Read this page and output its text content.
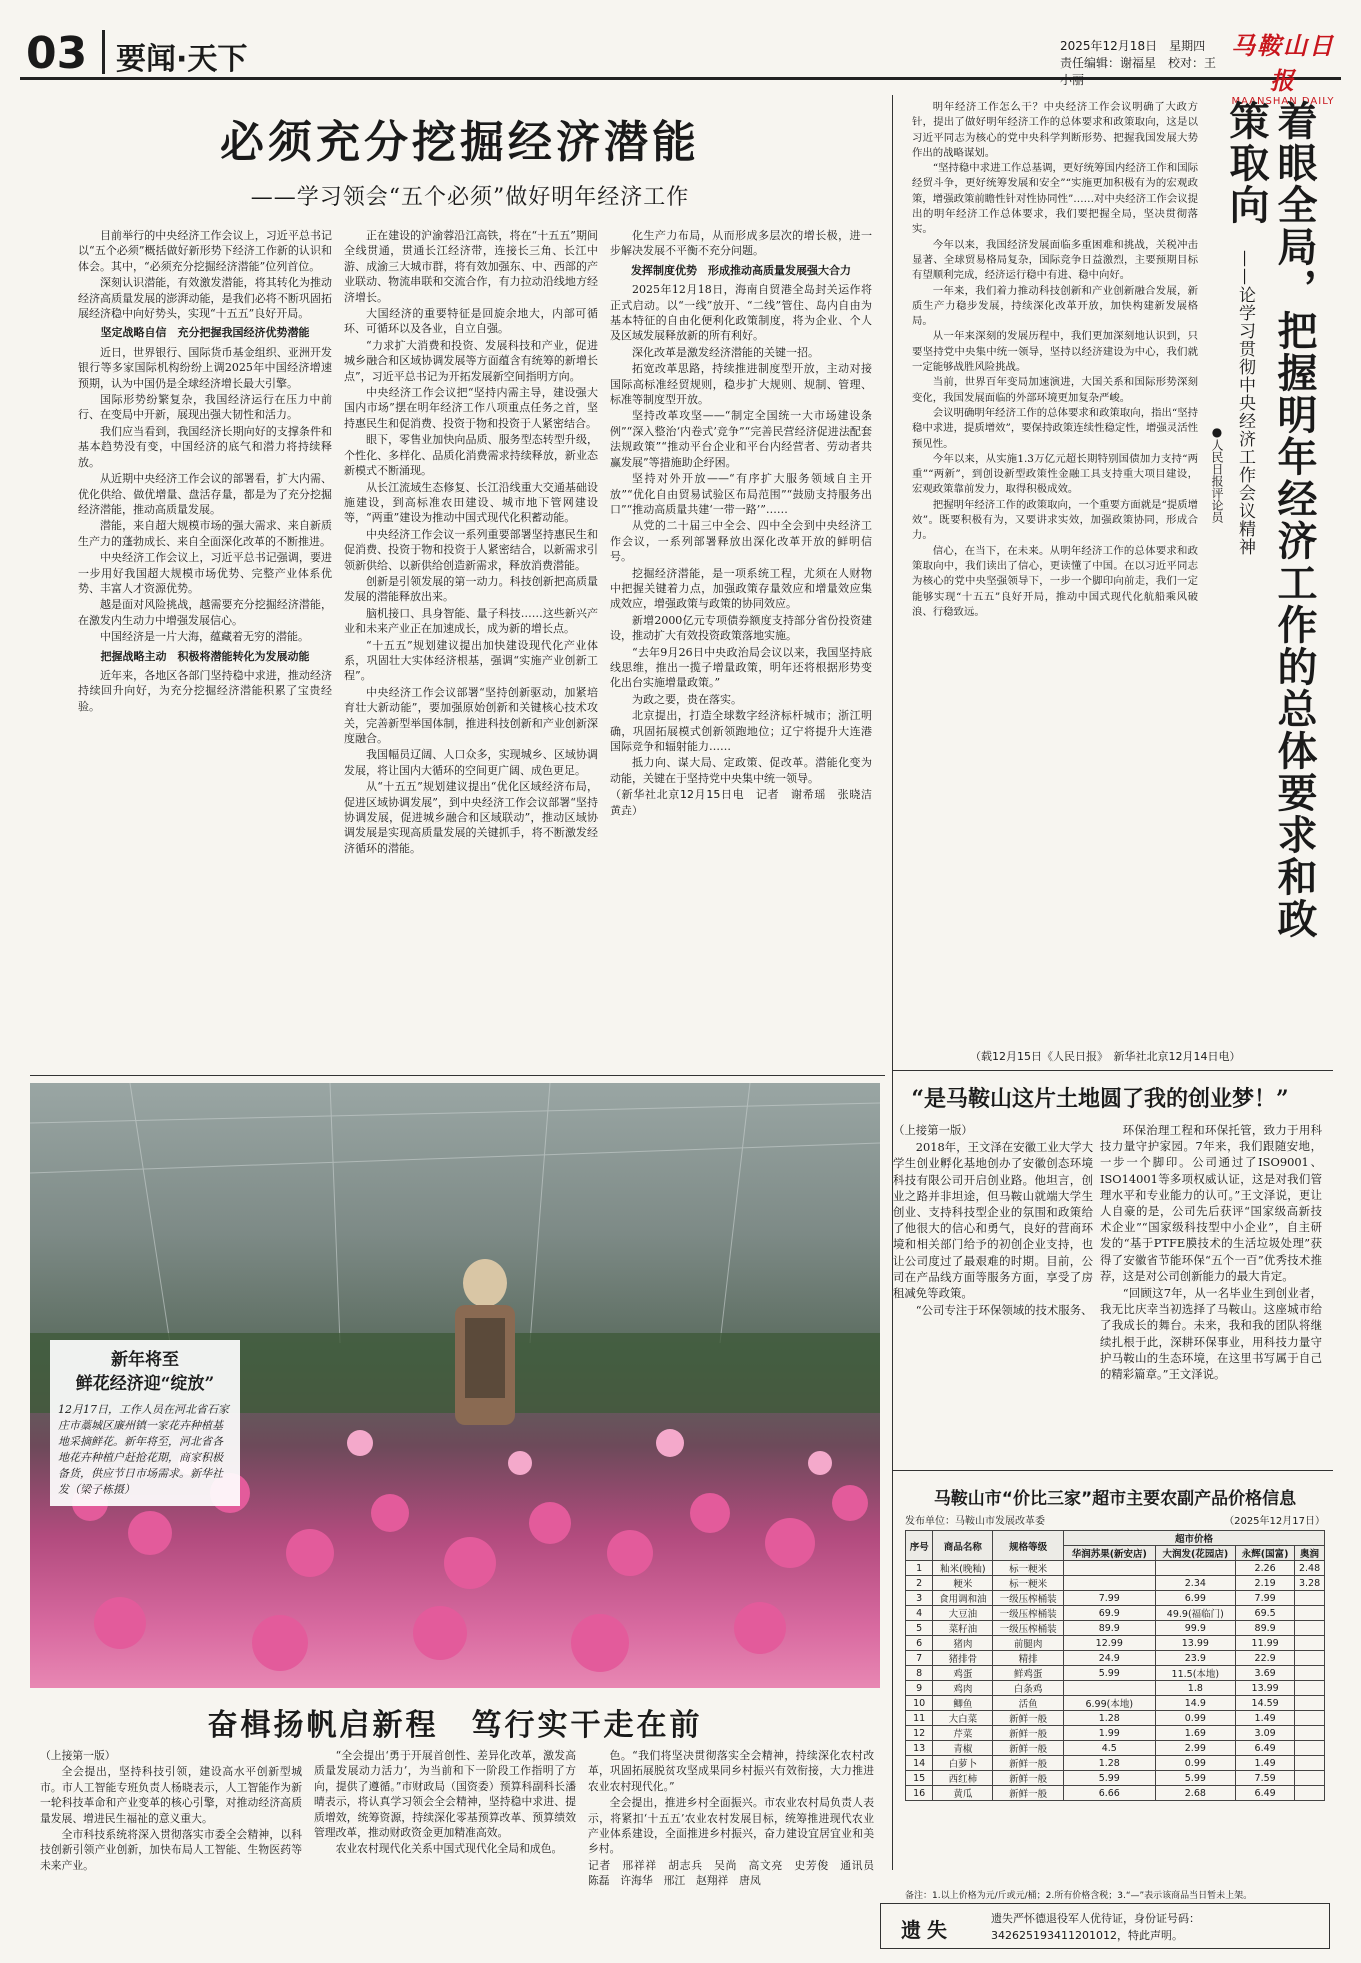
03 要闻·天下	2025年12月18日　星期四
责任编辑：谢福星　校对：王小丽
马鞍山日报
MAANSHAN DAILY
必须充分挖掘经济潜能
——学习领会“五个必须”做好明年经济工作

目前举行的中央经济工作会议上，习近平总书记以“五个必须”概括做好新形势下经济工作新的认识和体会。其中，“必须充分挖掘经济潜能”位列首位。

深刻认识潜能，有效激发潜能，将其转化为推动经济高质量发展的澎湃动能，是我们必将不断巩固拓展经济稳中向好势头，实现“十五五”良好开局。

坚定战略自信　充分把握我国经济优势潜能

近日，世界银行、国际货币基金组织、亚洲开发银行等多家国际机构纷纷上调2025年中国经济增速预期，认为中国仍是全球经济增长最大引擎。

国际形势纷繁复杂，我国经济运行在压力中前行、在变局中开新，展现出强大韧性和活力。

我们应当看到，我国经济长期向好的支撑条件和基本趋势没有变，中国经济的底气和潜力将持续释放。

从近期中央经济工作会议的部署看，扩大内需、优化供给、做优增量、盘活存量，都是为了充分挖掘经济潜能，推动高质量发展。

潜能，来自超大规模市场的强大需求、来自新质生产力的蓬勃成长、来自全面深化改革的不断推进。

中央经济工作会议上，习近平总书记强调，要进一步用好我国超大规模市场优势、完整产业体系优势、丰富人才资源优势。

越是面对风险挑战，越需要充分挖掘经济潜能，在激发内生动力中增强发展信心。

中国经济是一片大海，蕴藏着无穷的潜能。

把握战略主动　积极将潜能转化为发展动能

近年来，各地区各部门坚持稳中求进，推动经济持续回升向好，为充分挖掘经济潜能积累了宝贵经验。

正在建设的沪渝蓉沿江高铁，将在“十五五”期间全线贯通，贯通长江经济带，连接长三角、长江中游、成渝三大城市群，将有效加强东、中、西部的产业联动、物流串联和交流合作，有力拉动沿线地方经济增长。

大国经济的重要特征是回旋余地大，内部可循环、可循环以及各业，自立自强。

“力求扩大消费和投资、发展科技和产业，促进城乡融合和区域协调发展等方面蕴含有统筹的新增长点”，习近平总书记为开拓发展新空间指明方向。

中央经济工作会议把“坚持内需主导，建设强大国内市场”摆在明年经济工作八项重点任务之首，坚持惠民生和促消费、投资于物和投资于人紧密结合。

眼下，零售业加快向品质、服务型态转型升级，个性化、多样化、品质化消费需求持续释放，新业态新模式不断涌现。

从长江流域生态修复、长江沿线重大交通基础设施建设，到高标准农田建设、城市地下管网建设等，“两重”建设为推动中国式现代化积蓄动能。

中央经济工作会议一系列重要部署坚持惠民生和促消费、投资于物和投资于人紧密结合，以新需求引领新供给、以新供给创造新需求，释放消费潜能。

创新是引领发展的第一动力。科技创新把高质量发展的潜能释放出来。

脑机接口、具身智能、量子科技……这些新兴产业和未来产业正在加速成长，成为新的增长点。

“十五五”规划建议提出加快建设现代化产业体系，巩固壮大实体经济根基，强调“实施产业创新工程”。

中央经济工作会议部署“坚持创新驱动，加紧培育壮大新动能”，要加强原始创新和关键核心技术攻关，完善新型举国体制，推进科技创新和产业创新深度融合。

我国幅员辽阔、人口众多，实现城乡、区域协调发展，将让国内大循环的空间更广阔、成色更足。

从“十五五”规划建议提出“优化区域经济布局，促进区域协调发展”，到中央经济工作会议部署“坚持协调发展，促进城乡融合和区域联动”，推动区域协调发展是实现高质量发展的关键抓手，将不断激发经济循环的潜能。

化生产力布局，从而形成多层次的增长极，进一步解决发展不平衡不充分问题。

发挥制度优势　形成推动高质量发展强大合力

2025年12月18日，海南自贸港全岛封关运作将正式启动。以“一线”放开、“二线”管住、岛内自由为基本特征的自由化便利化政策制度，将为企业、个人及区域发展释放新的所有利好。

深化改革是激发经济潜能的关键一招。

拓宽改革思路，持续推进制度型开放，主动对接国际高标准经贸规则，稳步扩大规则、规制、管理、标准等制度型开放。

坚持改革攻坚——“制定全国统一大市场建设条例”“深入整治‘内卷式’竞争”“完善民营经济促进法配套法规政策”“推动平台企业和平台内经营者、劳动者共赢发展”等措施助企纾困。

坚持对外开放——“有序扩大服务领域自主开放”“优化自由贸易试验区布局范围”“鼓励支持服务出口”“推动高质量共建‘一带一路’”……

从党的二十届三中全会、四中全会到中央经济工作会议，一系列部署释放出深化改革开放的鲜明信号。

挖掘经济潜能，是一项系统工程，尤须在人财物中把握关键着力点，加强政策存量效应和增量效应集成效应，增强政策与政策的协同效应。

新增2000亿元专项债券额度支持部分省份投资建设，推动扩大有效投资政策落地实施。

“去年9月26日中央政治局会议以来，我国坚持底线思维，推出一揽子增量政策，明年还将根据形势变化出台实施增量政策。”

为政之要，贵在落实。

北京提出，打造全球数字经济标杆城市；浙江明确，巩固拓展模式创新领跑地位；辽宁将提升大连港国际竞争和辐射能力……

抵力向、谋大局、定政策、促改革。潜能化变为动能，关键在于坚持党中央集中统一领导。

（新华社北京12月15日电　记者　谢希瑶　张晓洁　黄垚）	着眼全局，把握明年经济工作的总体要求和政策取向
——论学习贯彻中央经济工作会议精神
●人民日报评论员

明年经济工作怎么干？中央经济工作会议明确了大政方针，提出了做好明年经济工作的总体要求和政策取向，这是以习近平同志为核心的党中央科学判断形势、把握我国发展大势作出的战略谋划。

“坚持稳中求进工作总基调，更好统筹国内经济工作和国际经贸斗争，更好统筹发展和安全”“实施更加积极有为的宏观政策，增强政策前瞻性针对性协同性”……对中央经济工作会议提出的明年经济工作总体要求，我们要把握全局，坚决贯彻落实。

今年以来，我国经济发展面临多重困难和挑战，关税冲击显著、全球贸易格局复杂，国际竞争日益激烈，主要预期目标有望顺利完成，经济运行稳中有进、稳中向好。

一年来，我们着力推动科技创新和产业创新融合发展，新质生产力稳步发展，持续深化改革开放，加快构建新发展格局。

从一年来深刻的发展历程中，我们更加深刻地认识到，只要坚持党中央集中统一领导，坚持以经济建设为中心，我们就一定能够战胜风险挑战。

当前，世界百年变局加速演进，大国关系和国际形势深刻变化，我国发展面临的外部环境更加复杂严峻。

会议明确明年经济工作的总体要求和政策取向，指出“坚持稳中求进，提质增效”，要保持政策连续性稳定性，增强灵活性预见性。

今年以来，从实施1.3万亿元超长期特别国债加力支持“两重”“两新”，到创设新型政策性金融工具支持重大项目建设，宏观政策靠前发力，取得积极成效。

把握明年经济工作的政策取向，一个重要方面就是“提质增效”。既要积极有为，又要讲求实效，加强政策协同，形成合力。

信心，在当下，在未来。从明年经济工作的总体要求和政策取向中，我们读出了信心，更读懂了中国。在以习近平同志为核心的党中央坚强领导下，一步一个脚印向前走，我们一定能够实现“十五五”良好开局，推动中国式现代化航船乘风破浪、行稳致远。

（载12月15日《人民日报》　新华社北京12月14日电）
新年将至
鲜花经济迎“绽放”
12月17日，工作人员在河北省石家庄市藁城区廉州镇一家花卉种植基地采摘鲜花。新年将至，河北省各地花卉种植户赶抢花期，商家积极备货，供应节日市场需求。新华社发（梁子栋摄）
“是马鞍山这片土地圆了我的创业梦！”

（上接第一版）

2018年，王文泽在安徽工业大学大学生创业孵化基地创办了安徽创态环境科技有限公司开启创业路。他坦言，创业之路并非坦途，但马鞍山就端大学生创业、支持科技型企业的氛围和政策给了他很大的信心和勇气，良好的营商环境和相关部门给予的初创企业支持，也让公司度过了最艰难的时期。目前，公司在产品线方面等服务方面，享受了房租减免等政策。

“公司专注于环保领域的技术服务、

环保治理工程和环保托管，致力于用科技力量守护家园。7年来，我们跟随安地，一步一个脚印。公司通过了ISO9001、ISO14001等多项权威认证，这是对我们管理水平和专业能力的认可。”王文泽说，更让人自豪的是，公司先后获评“国家级高新技术企业”“国家级科技型中小企业”，自主研发的“基于PTFE膜技术的生活垃圾处理”获得了安徽省节能环保“五个一百”优秀技术推荐，这是对公司创新能力的最大肯定。

“回顾这7年，从一名毕业生到创业者，我无比庆幸当初选择了马鞍山。这座城市给了我成长的舞台。未来，我和我的团队将继续扎根于此，深耕环保事业，用科技力量守护马鞍山的生态环境，在这里书写属于自己的精彩篇章。”王文泽说。

马鞍山市“价比三家”超市主要农副产品价格信息
发布单位：马鞍山市发展改革委	（2025年12月17日）
序号	商品名称	规格等级	超市价格			
			华润苏果(新安店)	大润发(花园店)	永辉(国富)	奥润
1	籼米(晚籼)	标一粳米			2.26	2.48
2	粳米	标一粳米		2.34	2.19	3.28
3	食用调和油	一级压榨桶装	7.99	6.99	7.99	
4	大豆油	一级压榨桶装	69.9	49.9(福临门)	69.5	
5	菜籽油	一级压榨桶装	89.9	99.9	89.9	
6	猪肉	前腿肉	12.99	13.99	11.99	
7	猪排骨	精排	24.9	23.9	22.9	
8	鸡蛋	鲜鸡蛋	5.99	11.5(本地)	3.69	
9	鸡肉	白条鸡		1.8	13.99	
10	鲫鱼	活鱼	6.99(本地)	14.9	14.59	
11	大白菜	新鲜一般	1.28	0.99	1.49	
12	芹菜	新鲜一般	1.99	1.69	3.09	
13	青椒	新鲜一般	4.5	2.99	6.49	
14	白萝卜	新鲜一般	1.28	0.99	1.49	
15	西红柿	新鲜一般	5.99	5.99	7.59	
16	黄瓜	新鲜一般	6.66	2.68	6.49	
备注：1.以上价格为元/斤或元/桶；2.所有价格含税；3.“—”表示该商品当日暂未上架。
遗失	遗失严怀德退役军人优待证，身份证号码：342625193411201012，特此声明。
奋楫扬帆启新程　笃行实干走在前

（上接第一版）

全会提出，坚持科技引领，建设高水平创新型城市。市人工智能专班负责人杨晓表示，人工智能作为新一轮科技革命和产业变革的核心引擎，对推动经济高质量发展、增进民生福祉的意义重大。

全市科技系统将深入贯彻落实市委全会精神，以科技创新引领产业创新，加快布局人工智能、生物医药等未来产业。

“全会提出‘勇于开展首创性、差异化改革，激发高质量发展动力活力’，为当前和下一阶段工作指明了方向，提供了遵循。”市财政局（国资委）预算科副科长潘晴表示，将认真学习领会全会精神，坚持稳中求进、提质增效，统筹资源，持续深化零基预算改革、预算绩效管理改革，推动财政资金更加精准高效。

农业农村现代化关系中国式现代化全局和成色。

色。“我们将坚决贯彻落实全会精神，持续深化农村改革，巩固拓展脱贫攻坚成果同乡村振兴有效衔接，大力推进农业农村现代化。”

全会提出，推进乡村全面振兴。市农业农村局负责人表示，将紧扣‘十五五’农业农村发展目标，统筹推进现代农业产业体系建设，全面推进乡村振兴，奋力建设宜居宜业和美乡村。

记者　邢祥祥　胡志兵　吴尚　高文亮　史芳俊　通讯员　陈磊　许海华　邢江　赵翔祥　唐凤
